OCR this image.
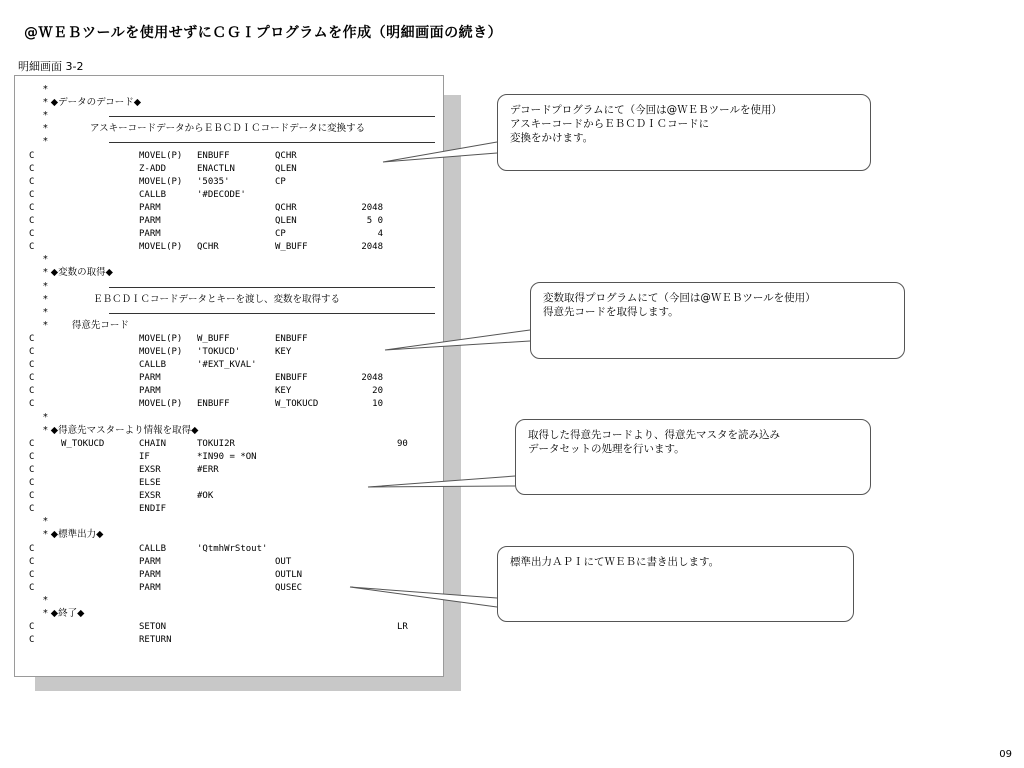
@ＷＥＢツールを使用せずにＣＧＩプログラムを作成（明細画面の続き）
明細画面 3-2
*
* ◆データのデコード◆
*
*              アスキーコードデータからＥＢＣＤＩＣコードデータに変換する
*
C	MOVEL(P) ENBUFF	QCHR
C	Z-ADD	ENACTLN	QLEN
C	MOVEL(P) '5035'	CP
C	CALLB	'#DECODE'
C	PARM	QCHR	2048
C	PARM	QLEN	5 0
C	PARM	CP	4
C	MOVEL(P) QCHR	W_BUFF	2048
*
* ◆変数の取得◆
*
*               ＥＢＣＤＩＣコードデータとキーを渡し、変数を取得する
*
*        得意先コード
C	MOVEL(P) W_BUFF	ENBUFF
C	MOVEL(P) 'TOKUCD'	KEY
C	CALLB	'#EXT_KVAL'
C	PARM	ENBUFF	2048
C	PARM	KEY	20
C	MOVEL(P) ENBUFF	W_TOKUCD	10
*
* ◆得意先マスターより情報を取得◆
C	W_TOKUCD	CHAIN	TOKUI2R	90
C	IF	*IN90 = *ON
C	EXSR	#ERR
C	ELSE
C	EXSR	#OK
C	ENDIF
*
* ◆標準出力◆
C	CALLB	'QtmhWrStout'
C	PARM	OUT
C	PARM	OUTLN
C	PARM	QUSEC
*
* ◆終了◆
C	SETON	LR
C	RETURN
デコードプログラムにて（今回は@ＷＥＢツールを使用）
アスキーコードからＥＢＣＤＩＣコードに
変換をかけます。
変数取得プログラムにて（今回は@ＷＥＢツールを使用）
得意先コードを取得します。
取得した得意先コードより、得意先マスタを読み込み
データセットの処理を行います。
標準出力ＡＰＩにてＷＥＢに書き出します。
09
